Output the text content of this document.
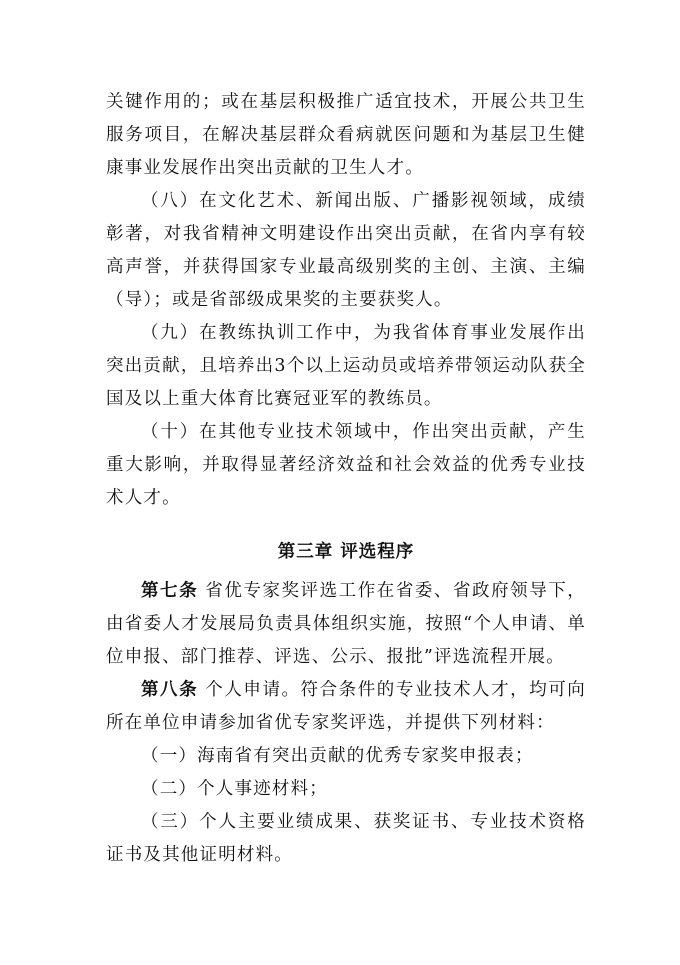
关键作用的；或在基层积极推广适宜技术，开展公共卫生服务项目，在解决基层群众看病就医问题和为基层卫生健康事业发展作出突出贡献的卫生人才。

（八）在文化艺术、新闻出版、广播影视领域，成绩彰著，对我省精神文明建设作出突出贡献，在省内享有较高声誉，并获得国家专业最高级别奖的主创、主演、主编（导）；或是省部级成果奖的主要获奖人。

（九）在教练执训工作中，为我省体育事业发展作出突出贡献，且培养出3个以上运动员或培养带领运动队获全国及以上重大体育比赛冠亚军的教练员。

（十）在其他专业技术领域中，作出突出贡献，产生重大影响，并取得显著经济效益和社会效益的优秀专业技术人才。

第三章 评选程序

第七条 省优专家奖评选工作在省委、省政府领导下，由省委人才发展局负责具体组织实施，按照“个人申请、单位申报、部门推荐、评选、公示、报批”评选流程开展。

第八条 个人申请。符合条件的专业技术人才，均可向所在单位申请参加省优专家奖评选，并提供下列材料：

（一）海南省有突出贡献的优秀专家奖申报表；

（二）个人事迹材料；

（三）个人主要业绩成果、获奖证书、专业技术资格证书及其他证明材料。
